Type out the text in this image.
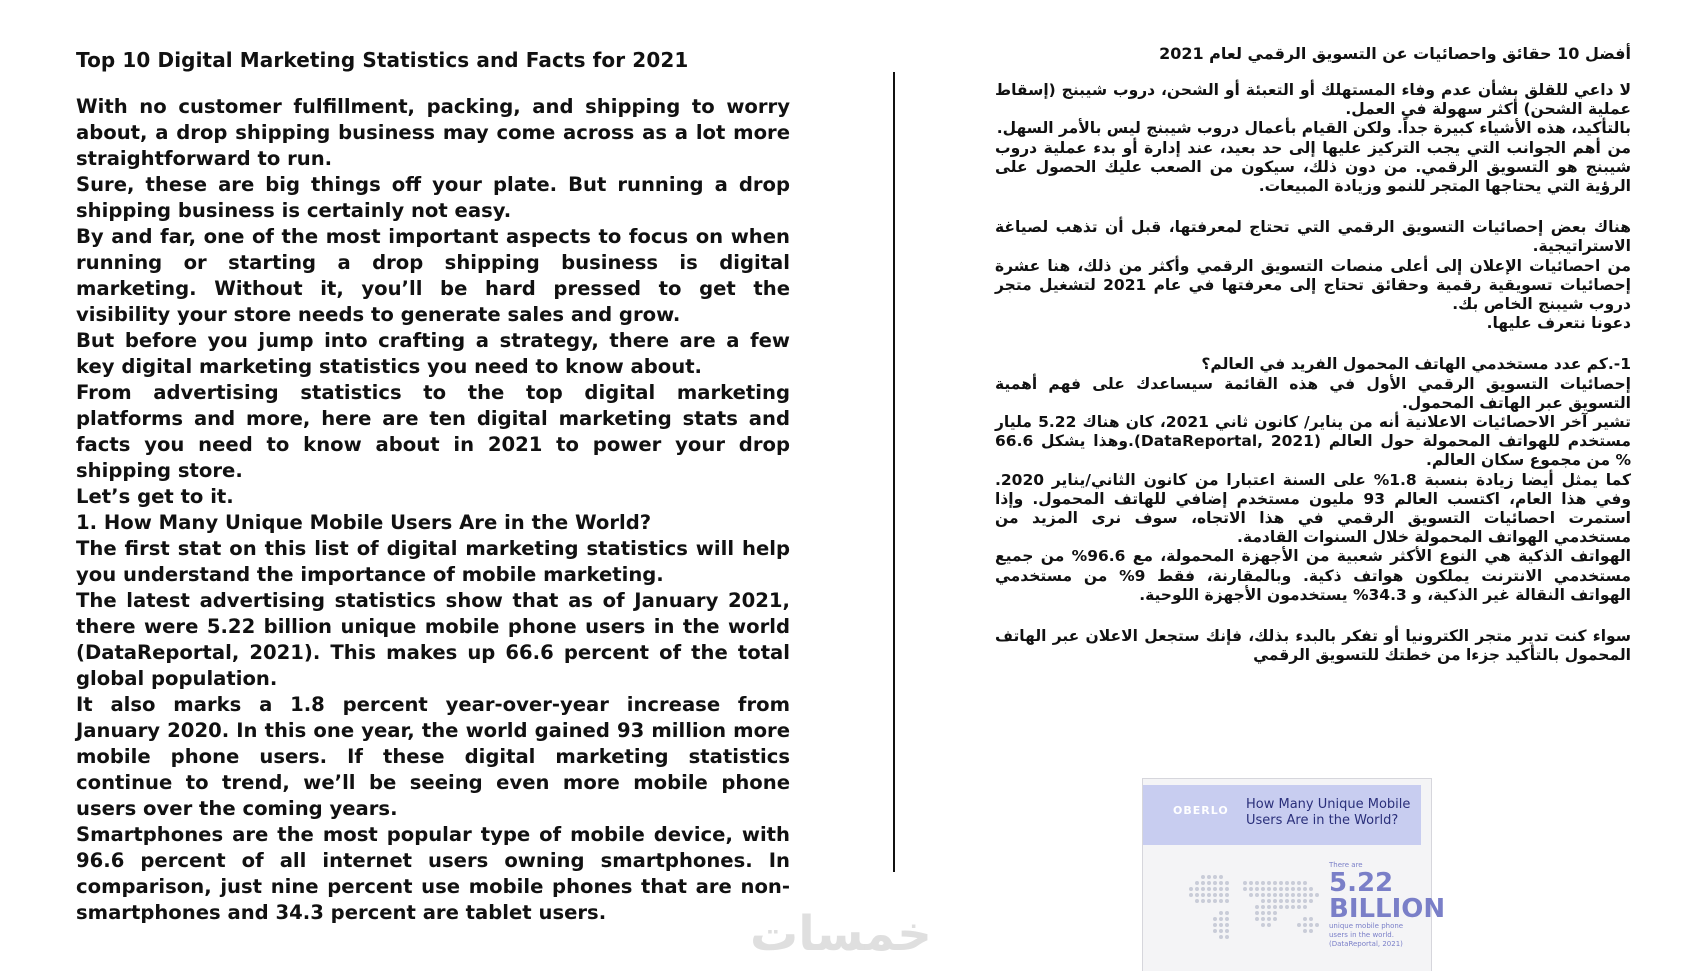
Top 10 Digital Marketing Statistics and Facts for 2021

With no customer fulfillment, packing, and shipping to worry about, a drop shipping business may come across as a lot more straightforward to run.

Sure, these are big things off your plate. But running a drop shipping business is certainly not easy.

By and far, one of the most important aspects to focus on when running or starting a drop shipping business is digital marketing. Without it, you’ll be hard pressed to get the visibility your store needs to generate sales and grow.

But before you jump into crafting a strategy, there are a few key digital marketing statistics you need to know about.

From advertising statistics to the top digital marketing platforms and more, here are ten digital marketing stats and facts you need to know about in 2021 to power your drop shipping store.

Let’s get to it.

1. How Many Unique Mobile Users Are in the World?

The first stat on this list of digital marketing statistics will help you understand the importance of mobile marketing.

The latest advertising statistics show that as of January 2021, there were 5.22 billion unique mobile phone users in the world (DataReportal, 2021). This makes up 66.6 percent of the total global population.

It also marks a 1.8 percent year-over-year increase from January 2020. In this one year, the world gained 93 million more mobile phone users. If these digital marketing statistics continue to trend, we’ll be seeing even more mobile phone users over the coming years.

Smartphones are the most popular type of mobile device, with 96.6 percent of all internet users owning smartphones. In comparison, just nine percent use mobile phones that are non-smartphones and 34.3 percent are tablet users.

أفضل 10 حقائق واحصائيات عن التسويق الرقمي لعام 2021

لا داعي للقلق بشأن عدم وفاء المستهلك أو التعبئة أو الشحن، دروب شيبنج (إسقاط عملية الشحن) أكثر سهولة في العمل.

بالتأكيد، هذه الأشياء كبيرة جداً. ولكن القيام بأعمال دروب شيبنج ليس بالأمر السهل.

من أهم الجوانب التي يجب التركيز عليها إلى حد بعيد، عند إدارة أو بدء عملية دروب شيبنج هو التسويق الرقمي. من دون ذلك، سيكون من الصعب عليك الحصول على الرؤية التي يحتاجها المتجر للنمو وزيادة المبيعات.

هناك بعض إحصائيات التسويق الرقمي التي تحتاج لمعرفتها، قبل أن تذهب لصياغة الاستراتيجية.

من احصائيات الإعلان إلى أعلى منصات التسويق الرقمي وأكثر من ذلك، هنا عشرة إحصائيات تسويقية رقمية وحقائق تحتاج إلى معرفتها في عام 2021 لتشغيل متجر دروب شيبنج الخاص بك.

دعونا نتعرف عليها.

1-.كم عدد مستخدمي الهاتف المحمول الفريد في العالم؟

إحصائيات التسويق الرقمي الأول في هذه القائمة سيساعدك على فهم أهمية التسويق عبر الهاتف المحمول.

تشير آخر الاحصائيات الاعلانية أنه من يناير/ كانون ثاني 2021، كان هناك 5.22 مليار مستخدم للهواتف المحمولة حول العالم (DataReportal, 2021).وهذا يشكل 66.6 % من مجموع سكان العالم.

كما يمثل أيضا زيادة بنسبة 1.8% على السنة اعتبارا من كانون الثاني/يناير 2020. وفي هذا العام، اكتسب العالم 93 مليون مستخدم إضافي للهاتف المحمول. وإذا استمرت احصائيات التسويق الرقمي في هذا الاتجاه، سوف نرى المزيد من مستخدمي الهواتف المحمولة خلال السنوات القادمة.

الهواتف الذكية هي النوع الأكثر شعبية من الأجهزة المحمولة، مع 96.6% من جميع مستخدمي الانترنت يملكون هواتف ذكية. وبالمقارنة، فقط 9% من مستخدمي الهواتف النقالة غير الذكية، و 34.3% يستخدمون الأجهزة اللوحية.

سواء كنت تدير متجر الكترونيا أو تفكر بالبدء بذلك، فإنك ستجعل الاعلان عبر الهاتف المحمول بالتأكيد جزءا من خطتك للتسويق الرقمي

OBERLO How Many Unique Mobile Users Are in the World?
There are
5.22
BILLION
unique mobile phone users in the world.
(DataReportal, 2021)
خمسات
